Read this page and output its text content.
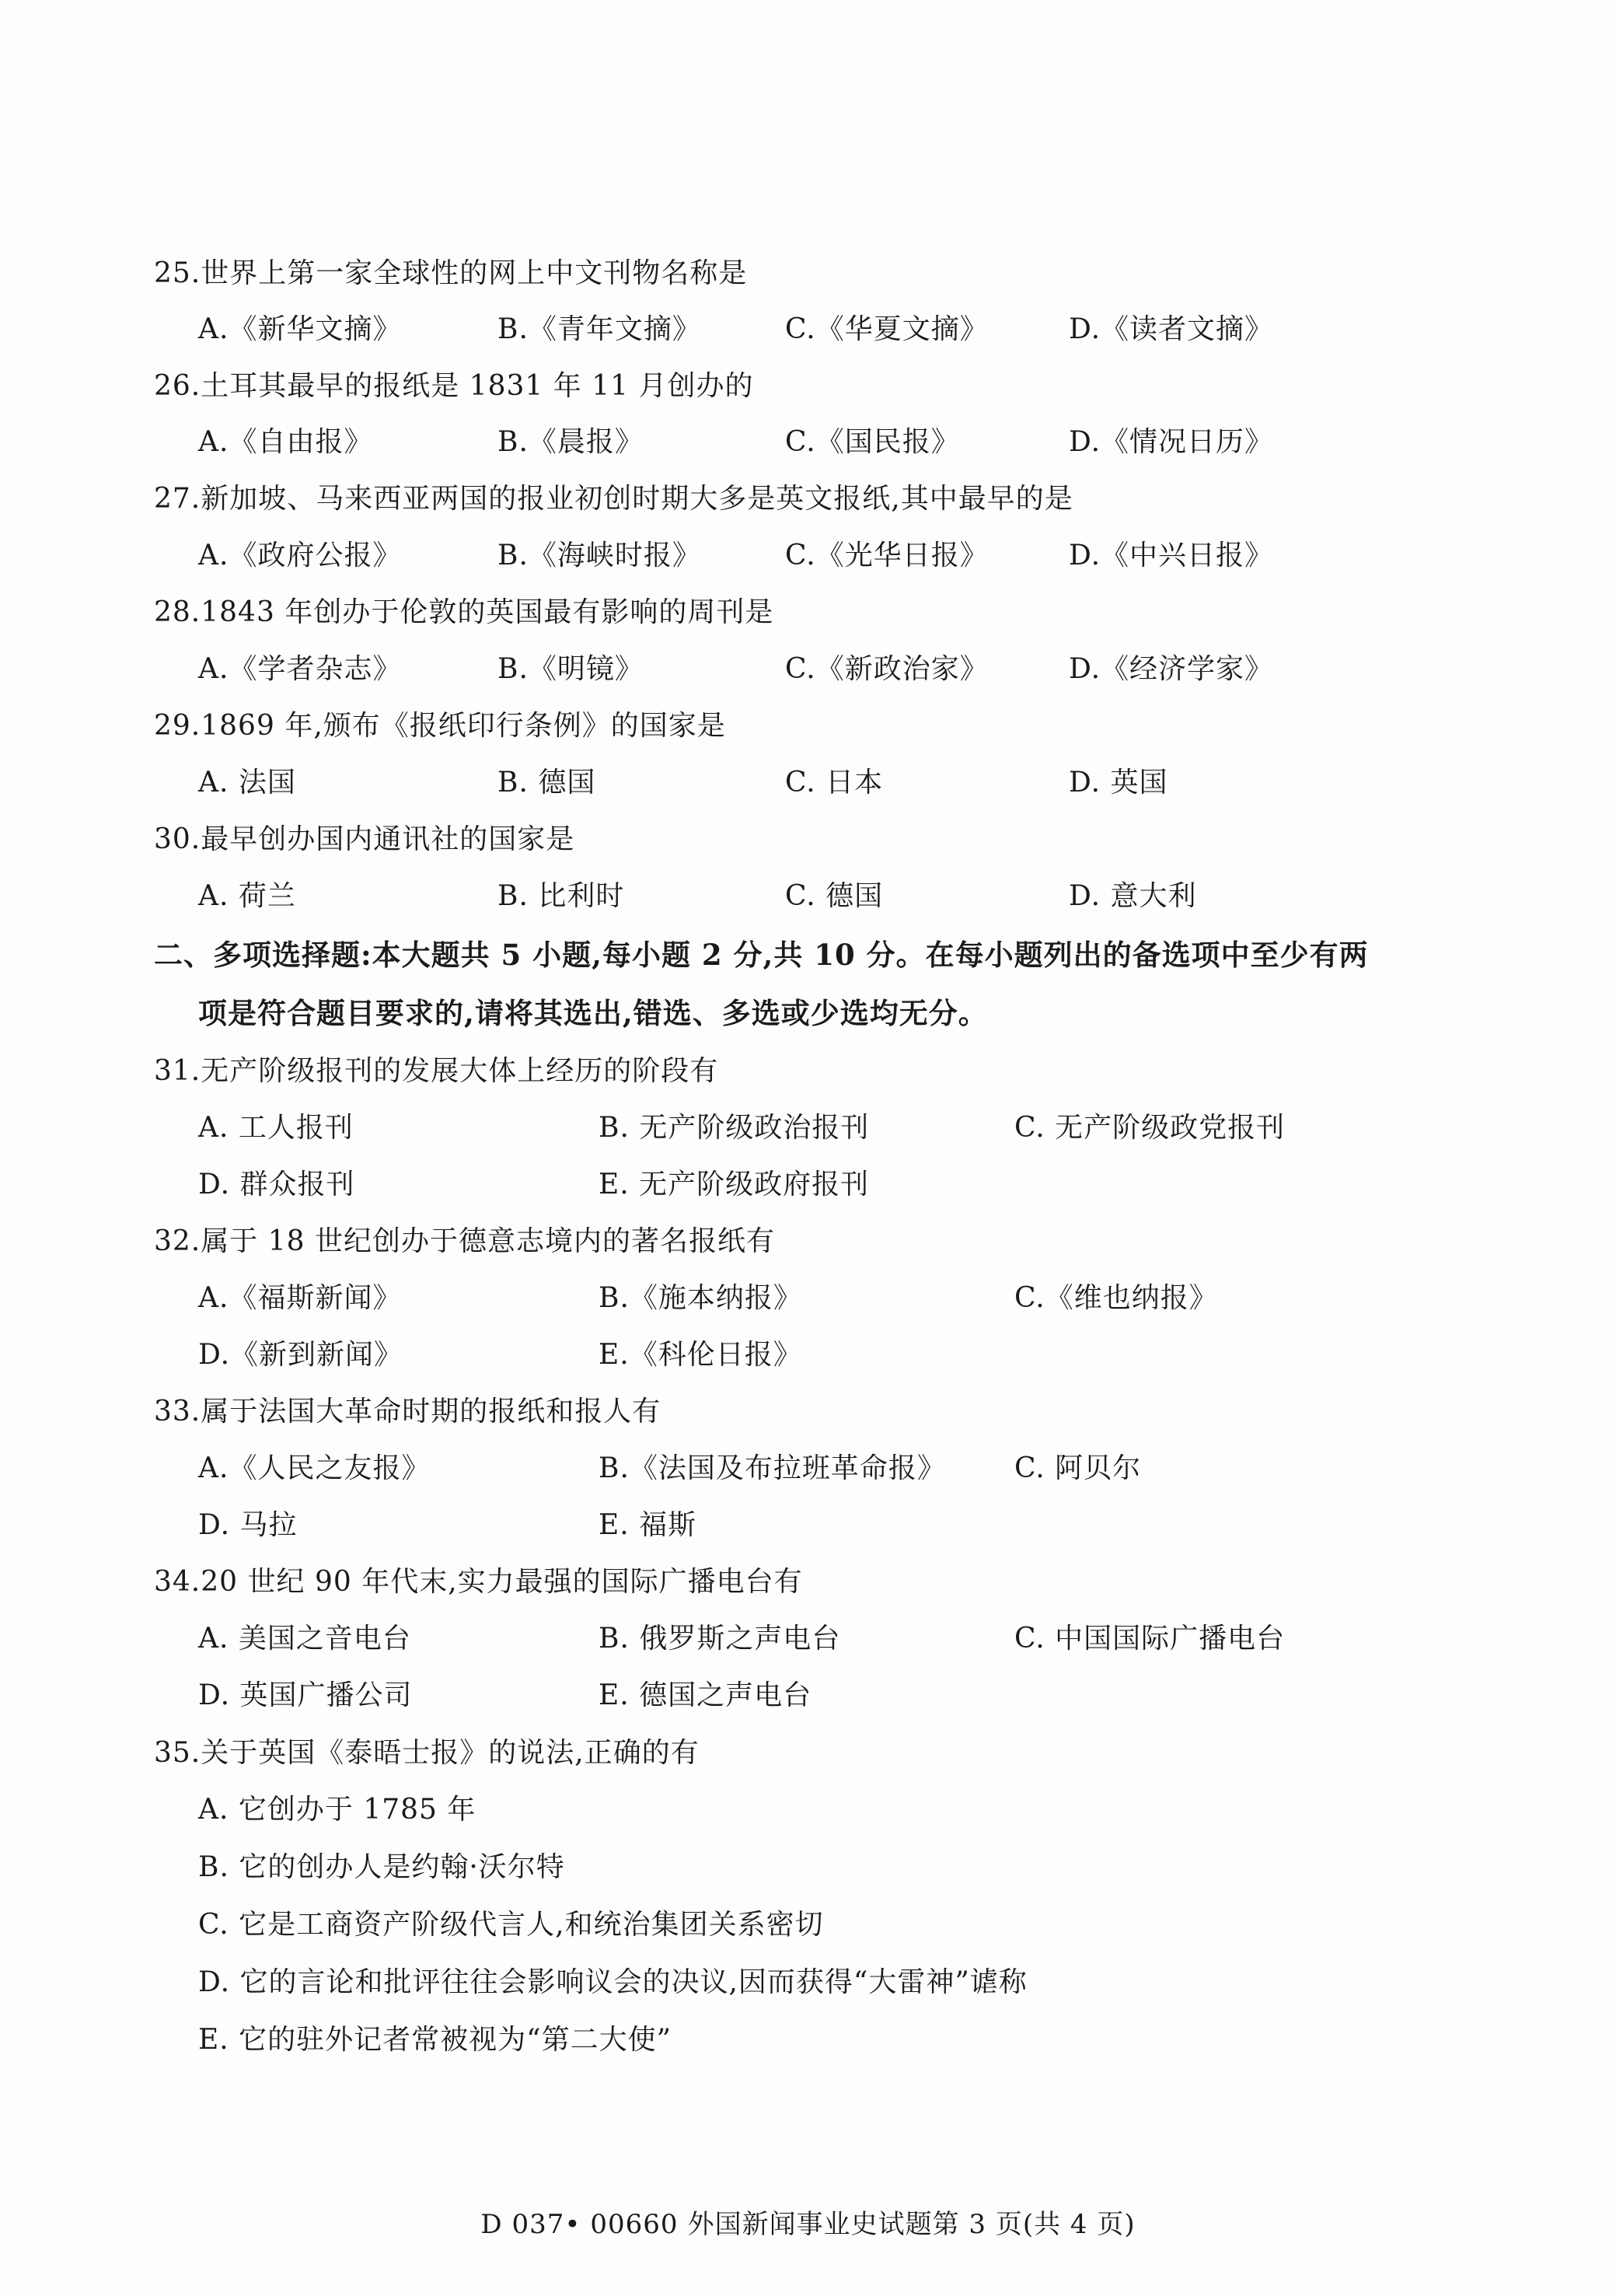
25.世界上第一家全球性的网上中文刊物名称是
A.《新华文摘》	B.《青年文摘》	C.《华夏文摘》	D.《读者文摘》
26.土耳其最早的报纸是 1831 年 11 月创办的
A.《自由报》	B.《晨报》	C.《国民报》	D.《情况日历》
27.新加坡、马来西亚两国的报业初创时期大多是英文报纸,其中最早的是
A.《政府公报》	B.《海峡时报》	C.《光华日报》	D.《中兴日报》
28.1843 年创办于伦敦的英国最有影响的周刊是
A.《学者杂志》	B.《明镜》	C.《新政治家》	D.《经济学家》
29.1869 年,颁布《报纸印行条例》的国家是
A. 法国	B. 德国	C. 日本	D. 英国
30.最早创办国内通讯社的国家是
A. 荷兰	B. 比利时	C. 德国	D. 意大利
二、多项选择题:本大题共 5 小题,每小题 2 分,共 10 分。在每小题列出的备选项中至少有两
项是符合题目要求的,请将其选出,错选、多选或少选均无分。
31.无产阶级报刊的发展大体上经历的阶段有
A. 工人报刊	B. 无产阶级政治报刊	C. 无产阶级政党报刊
D. 群众报刊	E. 无产阶级政府报刊
32.属于 18 世纪创办于德意志境内的著名报纸有
A.《福斯新闻》	B.《施本纳报》	C.《维也纳报》
D.《新到新闻》	E.《科伦日报》
33.属于法国大革命时期的报纸和报人有
A.《人民之友报》	B.《法国及布拉班革命报》 C. 阿贝尔
D. 马拉	E. 福斯
34.20 世纪 90 年代末,实力最强的国际广播电台有
A. 美国之音电台	B. 俄罗斯之声电台	C. 中国国际广播电台
D. 英国广播公司	E. 德国之声电台
35.关于英国《泰晤士报》的说法,正确的有
A. 它创办于 1785 年
B. 它的创办人是约翰·沃尔特
C. 它是工商资产阶级代言人,和统治集团关系密切
D. 它的言论和批评往往会影响议会的决议,因而获得“大雷神”谑称
E. 它的驻外记者常被视为“第二大使”
D 037• 00660 外国新闻事业史试题第 3 页(共 4 页)
